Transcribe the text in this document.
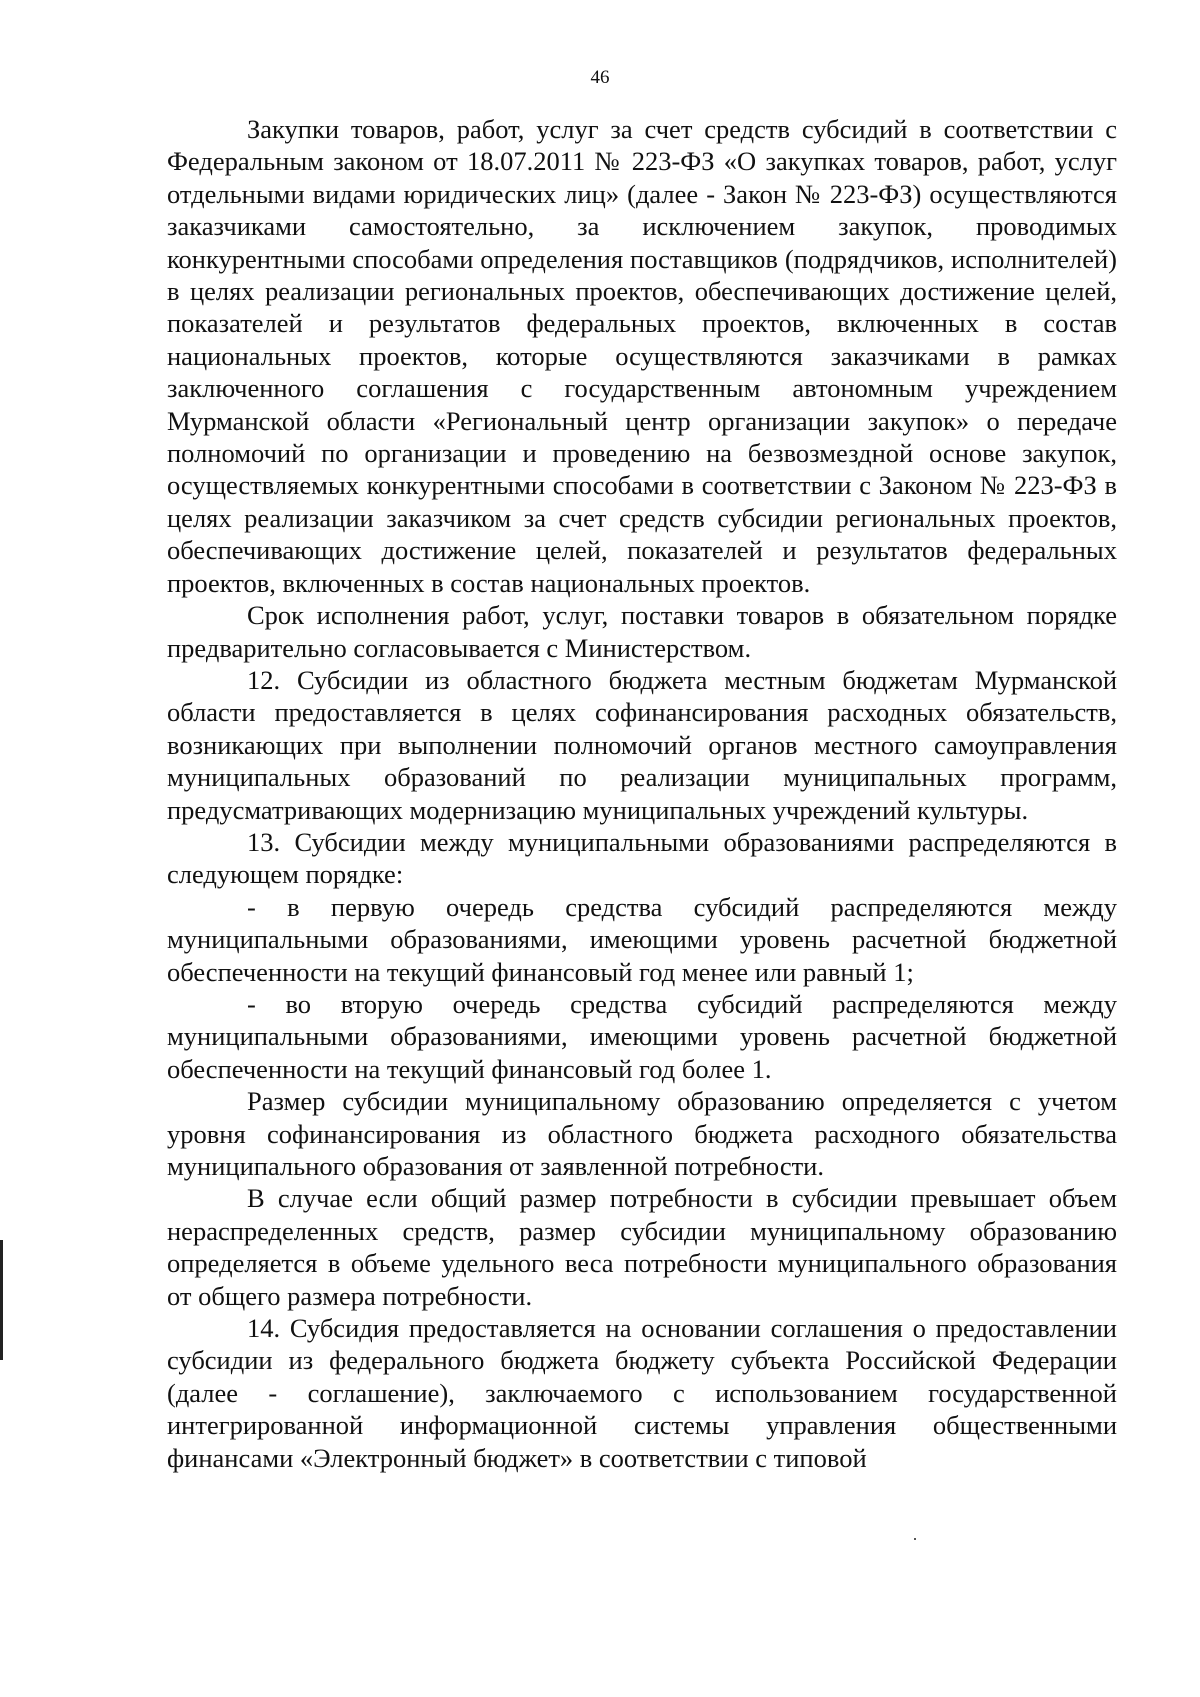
46

Закупки товаров, работ, услуг за счет средств субсидий в соответствии с Федеральным законом от 18.07.2011 № 223-ФЗ «О закупках товаров, работ, услуг отдельными видами юридических лиц» (далее - Закон № 223-ФЗ) осуществляются заказчиками самостоятельно, за исключением закупок, проводимых конкурентными способами определения поставщиков (подрядчиков, исполнителей) в целях реализации региональных проектов, обеспечивающих достижение целей, показателей и результатов федеральных проектов, включенных в состав национальных проектов, которые осуществляются заказчиками в рамках заключенного соглашения с государственным автономным учреждением Мурманской области «Региональный центр организации закупок» о передаче полномочий по организации и проведению на безвозмездной основе закупок, осуществляемых конкурентными способами в соответствии с Законом № 223-ФЗ в целях реализации заказчиком за счет средств субсидии региональных проектов, обеспечивающих достижение целей, показателей и результатов федеральных проектов, включенных в состав национальных проектов.

Срок исполнения работ, услуг, поставки товаров в обязательном порядке предварительно согласовывается с Министерством.

12. Субсидии из областного бюджета местным бюджетам Мурманской области предоставляется в целях софинансирования расходных обязательств, возникающих при выполнении полномочий органов местного самоуправления муниципальных образований по реализации муниципальных программ, предусматривающих модернизацию муниципальных учреждений культуры.

13. Субсидии между муниципальными образованиями распределяются в следующем порядке:

- в первую очередь средства субсидий распределяются между муниципальными образованиями, имеющими уровень расчетной бюджетной обеспеченности на текущий финансовый год менее или равный 1;

- во вторую очередь средства субсидий распределяются между муниципальными образованиями, имеющими уровень расчетной бюджетной обеспеченности на текущий финансовый год более 1.

Размер субсидии муниципальному образованию определяется с учетом уровня софинансирования из областного бюджета расходного обязательства муниципального образования от заявленной потребности.

В случае если общий размер потребности в субсидии превышает объем нераспределенных средств, размер субсидии муниципальному образованию определяется в объеме удельного веса потребности муниципального образования от общего размера потребности.

14. Субсидия предоставляется на основании соглашения о предоставлении субсидии из федерального бюджета бюджету субъекта Российской Федерации (далее - соглашение), заключаемого с использованием государственной интегрированной информационной системы управления общественными финансами «Электронный бюджет» в соответствии с типовой
